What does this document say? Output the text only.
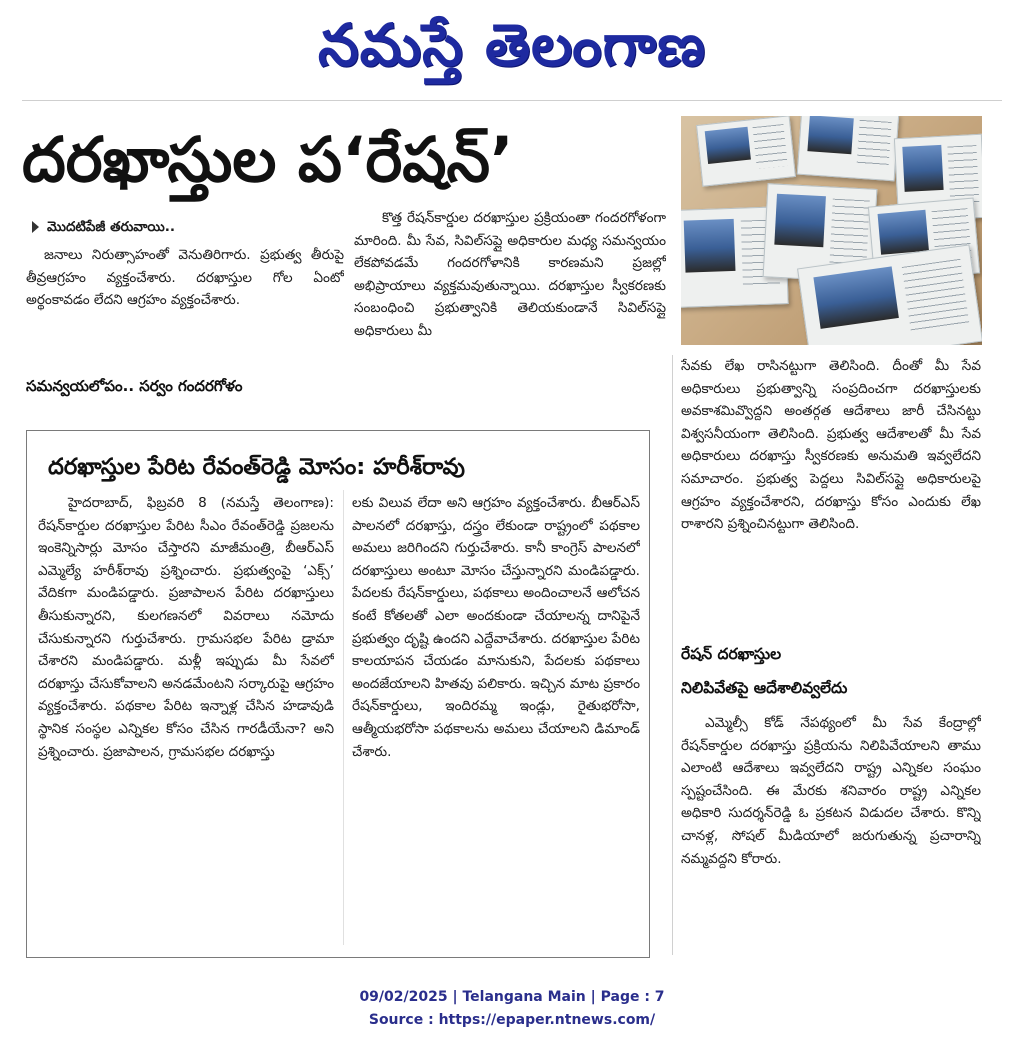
నమస్తే తెలంగాణ
దరఖాస్తుల ప‘రేషన్’
మొదటిపేజీ తరువాయి..

జనాలు నిరుత్సాహంతో వెనుతిరిగారు. ప్రభుత్వ తీరుపై తీవ్రఆగ్రహం వ్యక్తంచేశారు. దరఖాస్తుల గోల ఏంటో అర్థంకావడం లేదని ఆగ్రహం వ్యక్తంచేశారు.

సమన్వయలోపం.. సర్వం గందరగోళం

కొత్త రేషన్‌కార్డుల దరఖాస్తుల ప్రక్రియంతా గందరగోళంగా మారింది. మీ సేవ, సివిల్‌సప్లై అధికారుల మధ్య సమన్వయం లేకపోవడమే గందరగోళానికి కారణమని ప్రజల్లో అభిప్రాయాలు వ్యక్తమవుతున్నాయి. దరఖాస్తుల స్వీకరణకు సంబంధించి ప్రభుత్వానికి తెలియకుండానే సివిల్‌సప్లై అధికారులు మీ

సేవకు లేఖ రాసినట్టుగా తెలిసింది. దీంతో మీ సేవ అధికారులు ప్రభుత్వాన్ని సంప్రదించగా దరఖాస్తులకు అవకాశమివ్వొద్దని అంతర్గత ఆదేశాలు జారీ చేసినట్టు విశ్వసనీయంగా తెలిసింది. ప్రభుత్వ ఆదేశాలతో మీ సేవ అధికారులు దరఖాస్తు స్వీకరణకు అనుమతి ఇవ్వలేదని సమాచారం. ప్రభుత్వ పెద్దలు సివిల్‌సప్లై అధికారులపై ఆగ్రహం వ్యక్తంచేశారని, దరఖాస్తు కోసం ఎందుకు లేఖ రాశారని ప్రశ్నించినట్టుగా తెలిసింది.

రేషన్ దరఖాస్తుల
నిలిపివేతపై ఆదేశాలివ్వలేదు

ఎమ్మెల్సీ కోడ్ నేపథ్యంలో మీ సేవ కేంద్రాల్లో రేషన్‌కార్డుల దరఖాస్తు ప్రక్రియను నిలిపివేయాలని తాము ఎలాంటి ఆదేశాలు ఇవ్వలేదని రాష్ట్ర ఎన్నికల సంఘం స్పష్టంచేసింది. ఈ మేరకు శనివారం రాష్ట్ర ఎన్నికల అధికారి సుదర్శన్‌రెడ్డి ఓ ప్రకటన విడుదల చేశారు. కొన్ని చానళ్ల, సోషల్ మీడియాలో జరుగుతున్న ప్రచారాన్ని నమ్మవద్దని కోరారు.

దరఖాస్తుల పేరిట రేవంత్‌రెడ్డి మోసం: హరీశ్‌రావు

హైదరాబాద్, ఫిబ్రవరి 8 (నమస్తే తెలంగాణ): రేషన్‌కార్డుల దరఖాస్తుల పేరిట సీఎం రేవంత్‌రెడ్డి ప్రజలను ఇంకెన్నిసార్లు మోసం చేస్తారని మాజీమంత్రి, బీఆర్‌ఎస్ ఎమ్మెల్యే హరీశ్‌రావు ప్రశ్నించారు. ప్రభుత్వంపై ‘ఎక్స్’ వేదికగా మండిపడ్డారు. ప్రజాపాలన పేరిట దరఖాస్తులు తీసుకున్నారని, కులగణనలో వివరాలు నమోదు చేసుకున్నారని గుర్తుచేశారు. గ్రామసభల పేరిట డ్రామా చేశారని మండిపడ్డారు. మళ్లీ ఇప్పుడు మీ సేవలో దరఖాస్తు చేసుకోవాలని అనడమేంటని సర్కారుపై ఆగ్రహం వ్యక్తంచేశారు. పథకాల పేరిట ఇన్నాళ్ల చేసిన హడావుడి స్థానిక సంస్థల ఎన్నికల కోసం చేసిన గారడీయేనా? అని ప్రశ్నించారు. ప్రజాపాలన, గ్రామసభల దరఖాస్తు

లకు విలువ లేదా అని ఆగ్రహం వ్యక్తంచేశారు. బీఆర్‌ఎస్ పాలనలో దరఖాస్తు, దస్త్రం లేకుండా రాష్ట్రంలో పథకాల అమలు జరిగిందని గుర్తుచేశారు. కానీ కాంగ్రెస్ పాలనలో దరఖాస్తులు అంటూ మోసం చేస్తున్నారని మండిపడ్డారు. పేదలకు రేషన్‌కార్డులు, పథకాలు అందించాలనే ఆలోచన కంటే కోతలతో ఎలా అందకుండా చేయాలన్న దానిపైనే ప్రభుత్వం దృష్టి ఉందని ఎద్దేవాచేశారు. దరఖాస్తుల పేరిట కాలయాపన చేయడం మానుకుని, పేదలకు పథకాలు అందజేయాలని హితవు పలికారు. ఇచ్చిన మాట ప్రకారం రేషన్‌కార్డులు, ఇందిరమ్మ ఇండ్లు, రైతుభరోసా, ఆత్మీయభరోసా పథకాలను అమలు చేయాలని డిమాండ్ చేశారు.

09/02/2025 | Telangana Main | Page : 7
Source : https://epaper.ntnews.com/
